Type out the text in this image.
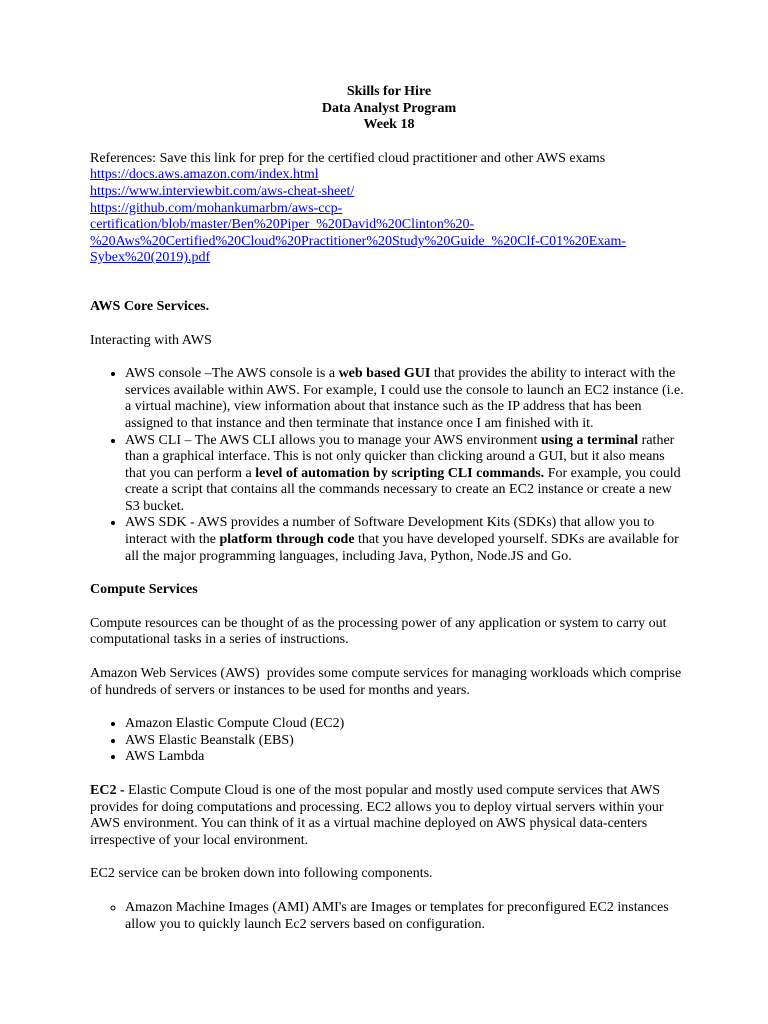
Skills for Hire
Data Analyst Program
Week 18

References: Save this link for prep for the certified cloud practitioner and other AWS exams

https://docs.aws.amazon.com/index.html
https://www.interviewbit.com/aws-cheat-sheet/
https://github.com/mohankumarbm/aws-ccp-
certification/blob/master/Ben%20Piper_%20David%20Clinton%20-
%20Aws%20Certified%20Cloud%20Practitioner%20Study%20Guide_%20Clf-C01%20Exam-
Sybex%20(2019).pdf

AWS Core Services.

Interacting with AWS

• AWS console –The AWS console is a web based GUI that provides the ability to interact with the services available within AWS. For example, I could use the console to launch an EC2 instance (i.e. a virtual machine), view information about that instance such as the IP address that has been assigned to that instance and then terminate that instance once I am finished with it.
• AWS CLI – The AWS CLI allows you to manage your AWS environment using a terminal rather than a graphical interface. This is not only quicker than clicking around a GUI, but it also means that you can perform a level of automation by scripting CLI commands. For example, you could create a script that contains all the commands necessary to create an EC2 instance or create a new S3 bucket.
• AWS SDK - AWS provides a number of Software Development Kits (SDKs) that allow you to interact with the platform through code that you have developed yourself. SDKs are available for all the major programming languages, including Java, Python, Node.JS and Go.

Compute Services

Compute resources can be thought of as the processing power of any application or system to carry out computational tasks in a series of instructions.

Amazon Web Services (AWS)  provides some compute services for managing workloads which comprise of hundreds of servers or instances to be used for months and years.

• Amazon Elastic Compute Cloud (EC2)
• AWS Elastic Beanstalk (EBS)
• AWS Lambda

EC2 - Elastic Compute Cloud is one of the most popular and mostly used compute services that AWS provides for doing computations and processing. EC2 allows you to deploy virtual servers within your AWS environment. You can think of it as a virtual machine deployed on AWS physical data-centers irrespective of your local environment.

EC2 service can be broken down into following components.

◦ Amazon Machine Images (AMI) AMI's are Images or templates for preconfigured EC2 instances allow you to quickly launch Ec2 servers based on configuration.
